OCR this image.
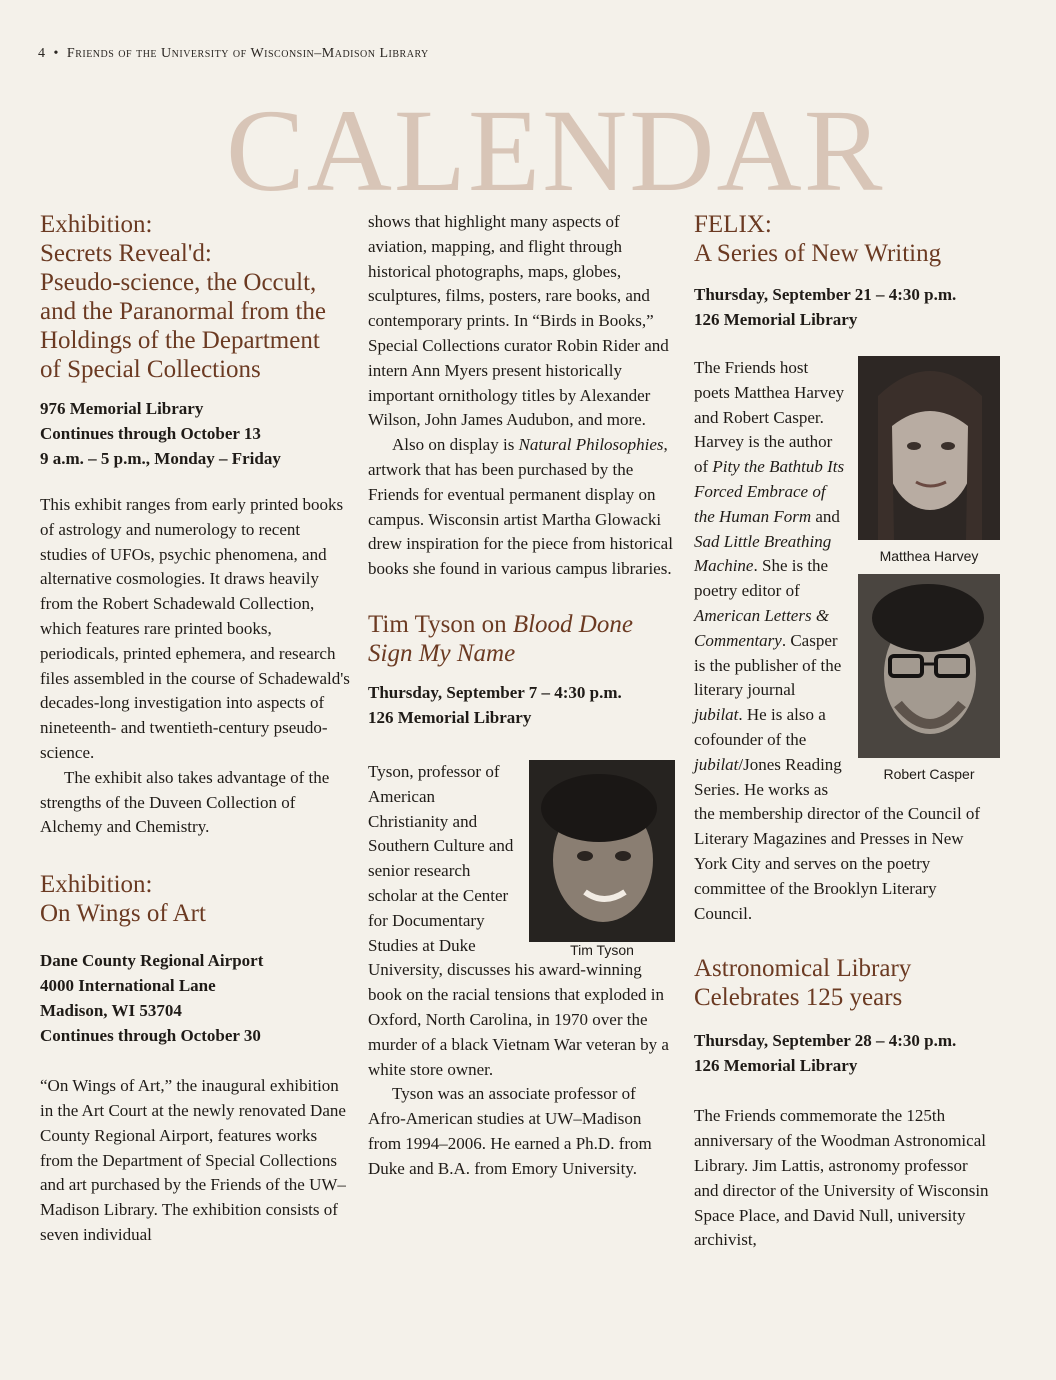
4 • Friends of the University of Wisconsin–Madison Library
CALENDAR
Exhibition:
Secrets Reveal'd:
Pseudo-science, the Occult,
and the Paranormal from the
Holdings of the Department
of Special Collections
976 Memorial Library
Continues through October 13
9 a.m. – 5 p.m., Monday – Friday

This exhibit ranges from early printed books of astrology and numerology to recent studies of UFOs, psychic phenomena, and alternative cosmologies. It draws heavily from the Robert Schadewald Collection, which features rare printed books, periodicals, printed ephemera, and research files assembled in the course of Schadewald's decades-long investigation into aspects of nineteenth- and twentieth-century pseudo-science.

The exhibit also takes advantage of the strengths of the Duveen Collection of Alchemy and Chemistry.

Exhibition:
On Wings of Art
Dane County Regional Airport
4000 International Lane
Madison, WI 53704
Continues through October 30

“On Wings of Art,” the inaugural exhibition in the Art Court at the newly renovated Dane County Regional Airport, features works from the Department of Special Collections and art purchased by the Friends of the UW–Madison Library. The exhibition consists of seven individual

shows that highlight many aspects of aviation, mapping, and flight through historical photographs, maps, globes, sculptures, films, posters, rare books, and contemporary prints. In “Birds in Books,” Special Collections curator Robin Rider and intern Ann Myers present historically important ornithology titles by Alexander Wilson, John James Audubon, and more.

Also on display is Natural Philosophies, artwork that has been purchased by the Friends for eventual permanent display on campus. Wisconsin artist Martha Glowacki drew inspiration for the piece from historical books she found in various campus libraries.

Tim Tyson on Blood Done Sign My Name
Thursday, September 7 – 4:30 p.m.
126 Memorial Library
Tim Tyson

Tyson, professor of American Christianity and Southern Culture and senior research scholar at the Center for Documentary Studies at Duke University, discusses his award-winning book on the racial tensions that exploded in Oxford, North Carolina, in 1970 over the murder of a black Vietnam War veteran by a white store owner.

Tyson was an associate professor of Afro-American studies at UW–Madison from 1994–2006. He earned a Ph.D. from Duke and B.A. from Emory University.

FELIX:
A Series of New Writing
Thursday, September 21 – 4:30 p.m.
126 Memorial Library
Matthea Harvey
Robert Casper

The Friends host poets Matthea Harvey and Robert Casper. Harvey is the author of Pity the Bathtub Its Forced Embrace of the Human Form and Sad Little Breathing Machine. She is the poetry editor of American Letters & Commentary. Casper is the publisher of the literary journal jubilat. He is also a cofounder of the jubilat/Jones Reading Series. He works as the membership director of the Council of Literary Magazines and Presses in New York City and serves on the poetry committee of the Brooklyn Literary Council.

Astronomical Library
Celebrates 125 years
Thursday, September 28 – 4:30 p.m.
126 Memorial Library

The Friends commemorate the 125th anniversary of the Woodman Astronomical Library. Jim Lattis, astronomy professor and director of the University of Wisconsin Space Place, and David Null, university archivist,
